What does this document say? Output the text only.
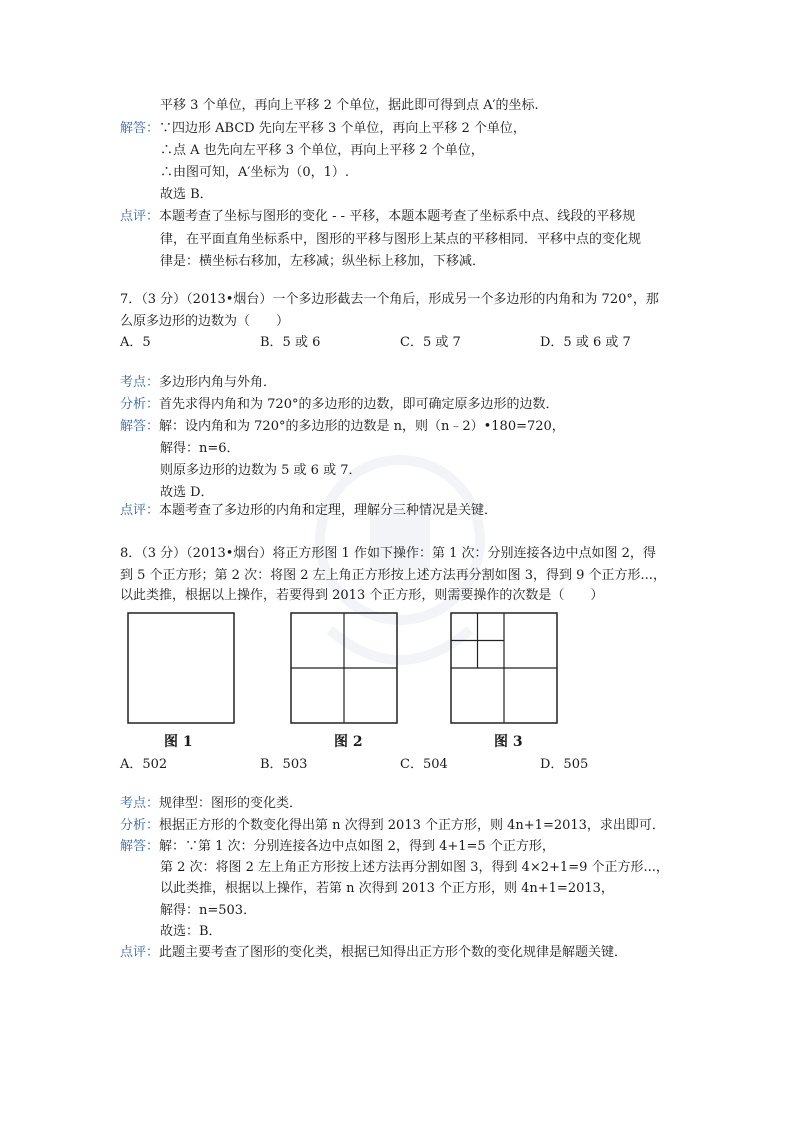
平移 3 个单位，再向上平移 2 个单位，据此即可得到点 A′的坐标.
解答：∵四边形 ABCD 先向左平移 3 个单位，再向上平移 2 个单位，
∴点 A 也先向左平移 3 个单位，再向上平移 2 个单位，
∴由图可知，A′坐标为（0，1）.
故选 B．
点评：本题考查了坐标与图形的变化 - - 平移，本题本题考查了坐标系中点、线段的平移规
律，在平面直角坐标系中，图形的平移与图形上某点的平移相同．平移中点的变化规
律是：横坐标右移加，左移减；纵坐标上移加，下移减．
7．（3 分）（2013•烟台）一个多边形截去一个角后，形成另一个多边形的内角和为 720°，那
么原多边形的边数为（　　）
A．5	B．5 或 6	C．5 或 7	D．5 或 6 或 7
考点：多边形内角与外角．
分析：首先求得内角和为 720°的多边形的边数，即可确定原多边形的边数．
解答：解：设内角和为 720°的多边形的边数是 n，则（n﹣2）•180=720，
解得：n=6．
则原多边形的边数为 5 或 6 或 7．
故选 D．
点评：本题考查了多边形的内角和定理，理解分三种情况是关键．
8．（3 分）（2013•烟台）将正方形图 1 作如下操作：第 1 次：分别连接各边中点如图 2，得
到 5 个正方形；第 2 次：将图 2 左上角正方形按上述方法再分割如图 3，得到 9 个正方形...，
以此类推，根据以上操作，若要得到 2013 个正方形，则需要操作的次数是（　　）
图 1	图 2	图 3
A．502	B．503	C．504	D．505
考点：规律型：图形的变化类．
分析：根据正方形的个数变化得出第 n 次得到 2013 个正方形，则 4n+1=2013，求出即可．
解答：解：∵第 1 次：分别连接各边中点如图 2，得到 4+1=5 个正方形，
第 2 次：将图 2 左上角正方形按上述方法再分割如图 3，得到 4×2+1=9 个正方形...，
以此类推，根据以上操作，若第 n 次得到 2013 个正方形，则 4n+1=2013，
解得：n=503．
故选：B．
点评：此题主要考查了图形的变化类，根据已知得出正方形个数的变化规律是解题关键．
